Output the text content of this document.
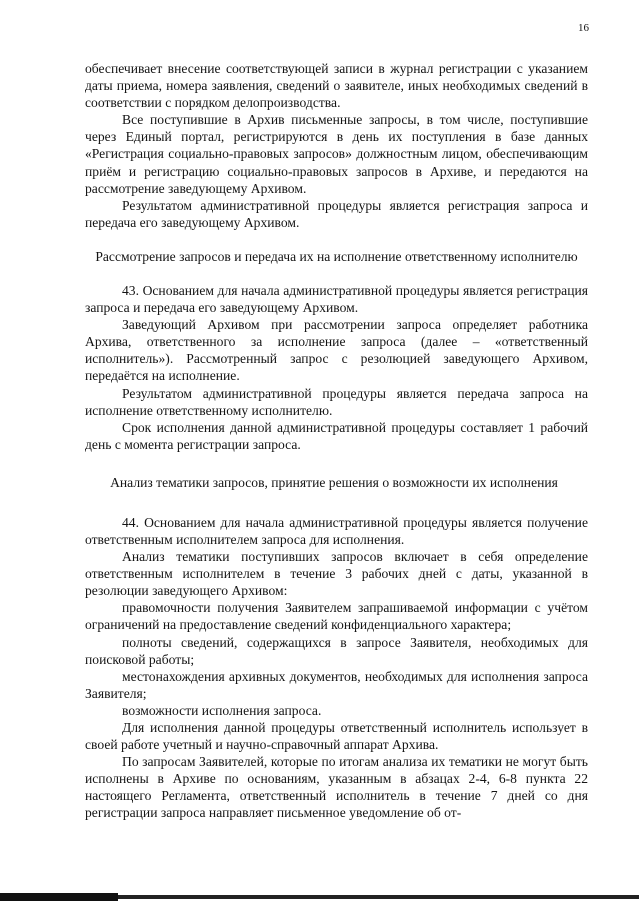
16

обеспечивает внесение соответствующей записи в журнал регистрации с указанием даты приема, номера заявления, сведений о заявителе, иных необходимых сведений в соответствии с порядком делопроизводства.

Все поступившие в Архив письменные запросы, в том числе, поступившие через Единый портал, регистрируются в день их поступления в базе данных «Регистрация социально-правовых запросов» должностным лицом, обеспечивающим приём и регистрацию социально-правовых запросов в Архиве, и передаются на рассмотрение заведующему Архивом.

Результатом административной процедуры является регистрация запроса и передача его заведующему Архивом.

Рассмотрение запросов и передача их на исполнение ответственному исполнителю

43. Основанием для начала административной процедуры является регистрация запроса и передача его заведующему Архивом.

Заведующий Архивом при рассмотрении запроса определяет работника Архива, ответственного за исполнение запроса (далее – «ответственный исполнитель»). Рассмотренный запрос с резолюцией заведующего Архивом, передаётся на исполнение.

Результатом административной процедуры является передача запроса на исполнение ответственному исполнителю.

Срок исполнения данной административной процедуры составляет 1 рабочий день с момента регистрации запроса.

Анализ тематики запросов, принятие решения о возможности их исполнения

44. Основанием для начала административной процедуры является получение ответственным исполнителем запроса для исполнения.

Анализ тематики поступивших запросов включает в себя определение ответственным исполнителем в течение 3 рабочих дней с даты, указанной в резолюции заведующего Архивом:

правомочности получения Заявителем запрашиваемой информации с учётом ограничений на предоставление сведений конфиденциального характера;

полноты сведений, содержащихся в запросе Заявителя, необходимых для поисковой работы;

местонахождения архивных документов, необходимых для исполнения запроса Заявителя;

возможности исполнения запроса.

Для исполнения данной процедуры ответственный исполнитель использует в своей работе учетный и научно-справочный аппарат Архива.

По запросам Заявителей, которые по итогам анализа их тематики не могут быть исполнены в Архиве по основаниям, указанным в абзацах 2-4, 6-8 пункта 22 настоящего Регламента, ответственный исполнитель в течение 7 дней со дня регистрации запроса направляет письменное уведомление об от-
